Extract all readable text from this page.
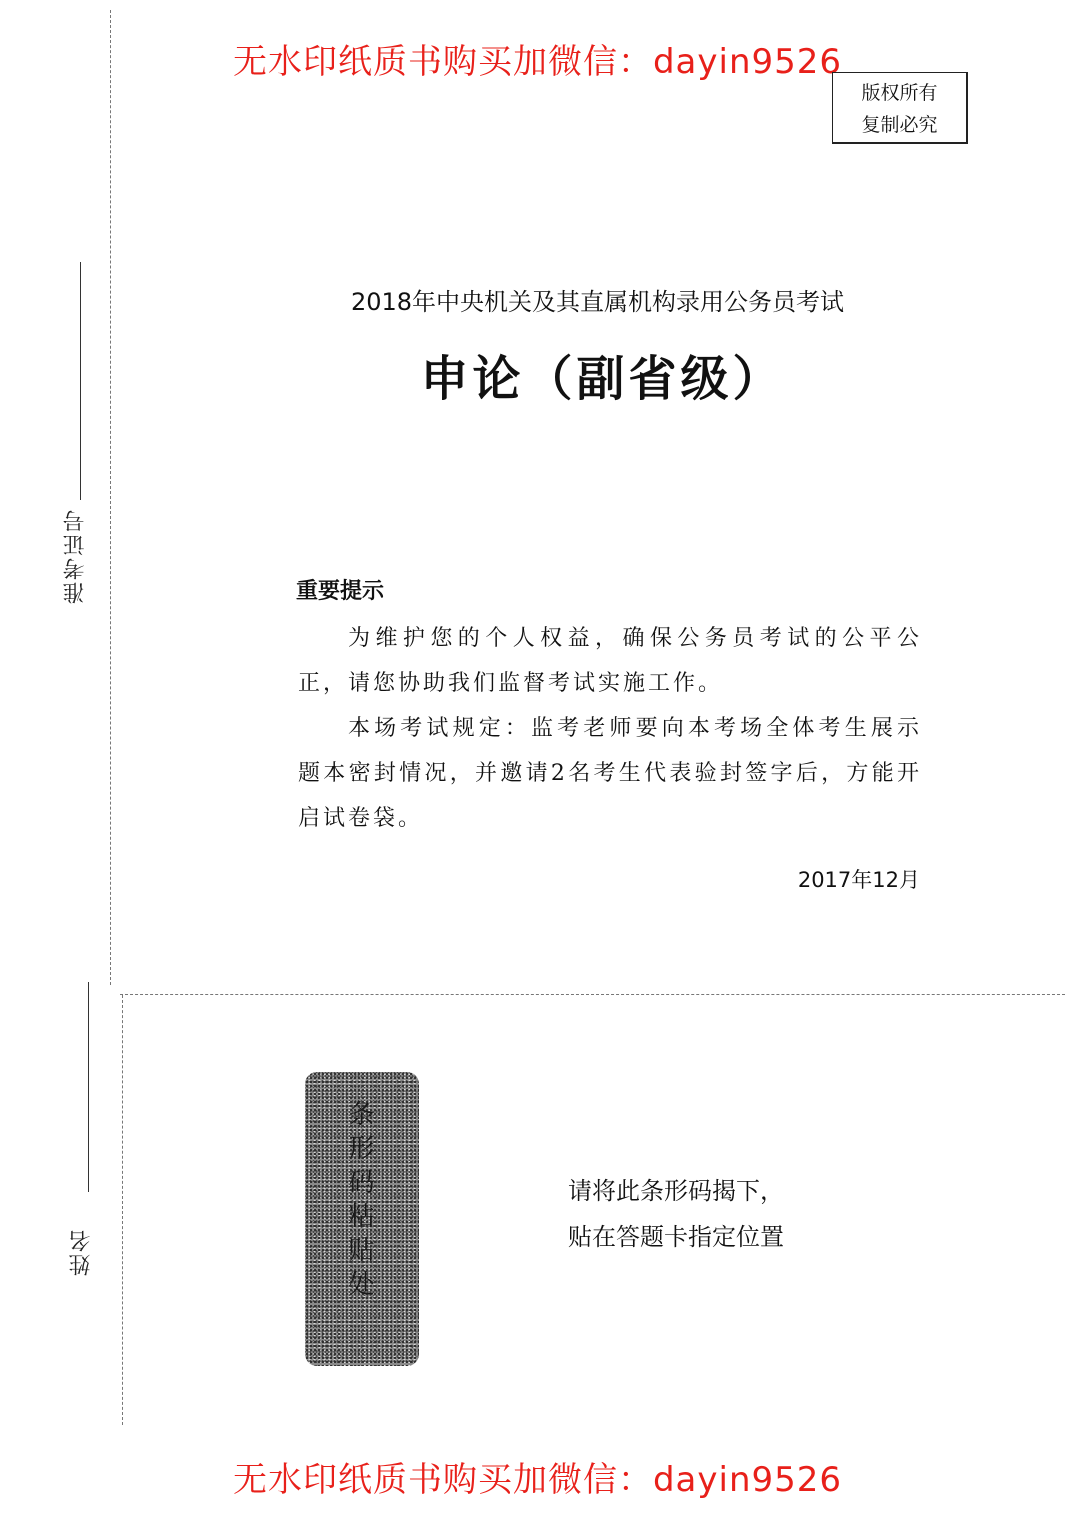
无水印纸质书购买加微信：dayin9526
无水印纸质书购买加微信：dayin9526
准考证号
姓名
版权所有
复制必究
2018年中央机关及其直属机构录用公务员考试
申论（副省级）
重要提示
为维护您的个人权益，确保公务员考试的公平公正，请您协助我们监督考试实施工作。
本场考试规定：监考老师要向本考场全体考生展示题本密封情况，并邀请2名考生代表验封签字后，方能开启试卷袋。
2017年12月
条形码粘贴处	请将此条形码揭下，
贴在答题卡指定位置
